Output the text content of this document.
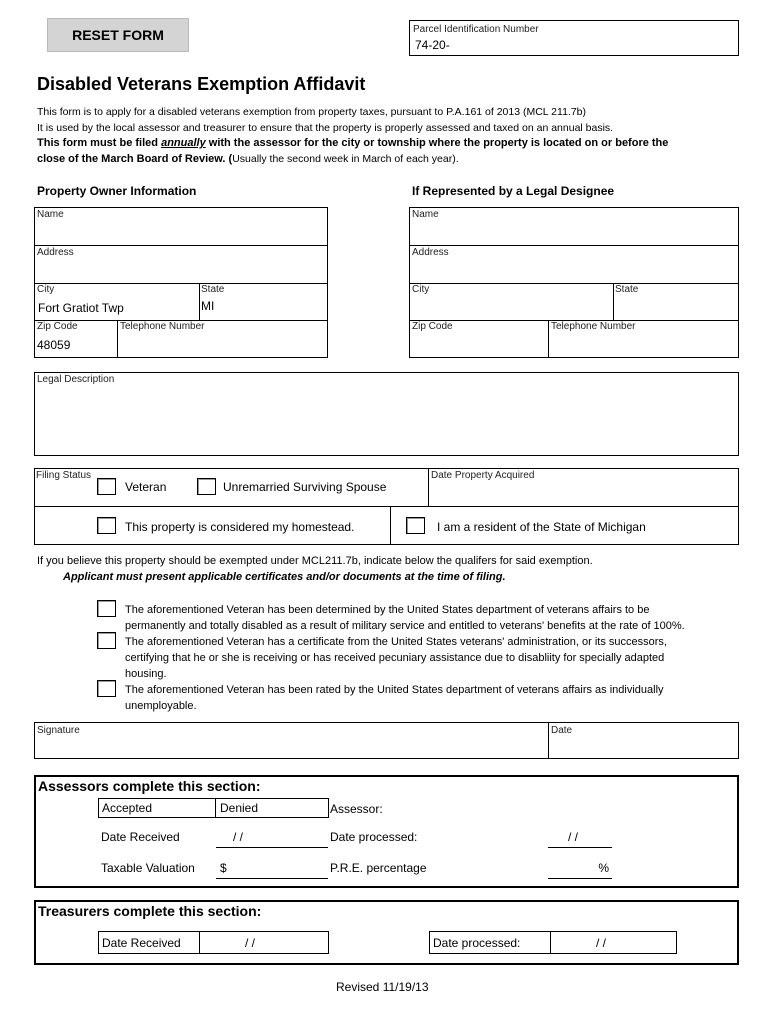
RESET FORM	Parcel Identification Number
74-20-
Disabled Veterans Exemption Affidavit
This form is to apply for a disabled veterans exemption from property taxes, pursuant to P.A.161 of 2013 (MCL 211.7b)
It is used by the local assessor and treasurer to ensure that the property is properly assessed and taxed on an annual basis.
This form must be filed annually with the assessor for the city or township where the property is located on or before the
close of the March Board of Review. (Usually the second week in March of each year).
Property Owner Information	If Represented by a Legal Designee
Name
Address
City
Fort Gratiot Twp
State
MI
Zip Code
48059
Telephone Number
Name
Address
City	State
Zip Code	Telephone Number
Legal Description
Filing Status	Date Property Acquired
Veteran	Unremarried Surviving Spouse
This property is considered my homestead.	I am a resident of the State of Michigan
If you believe this property should be exempted under MCL211.7b, indicate below the qualifers for said exemption.
Applicant must present applicable certificates and/or documents at the time of filing.
The aforementioned Veteran has been determined by the United States department of veterans affairs to be
permanently and totally disabled as a result of military service and entitled to veterans' benefits at the rate of 100%.
The aforementioned Veteran has a certificate from the United States veterans' administration, or its successors,
certifying that he or she is receiving or has received pecuniary assistance due to disabliity for specially adapted
housing.
The aforementioned Veteran has been rated by the United States department of veterans affairs as individually
unemployable.
Signature	Date
Assessors complete this section:
Accepted	Denied	Assessor:
Date Received	/ /	Date processed:	/ /
Taxable Valuation $	P.R.E. percentage	%
Treasurers complete this section:
Date Received	/ /	Date processed:	/ /
Revised 11/19/13
